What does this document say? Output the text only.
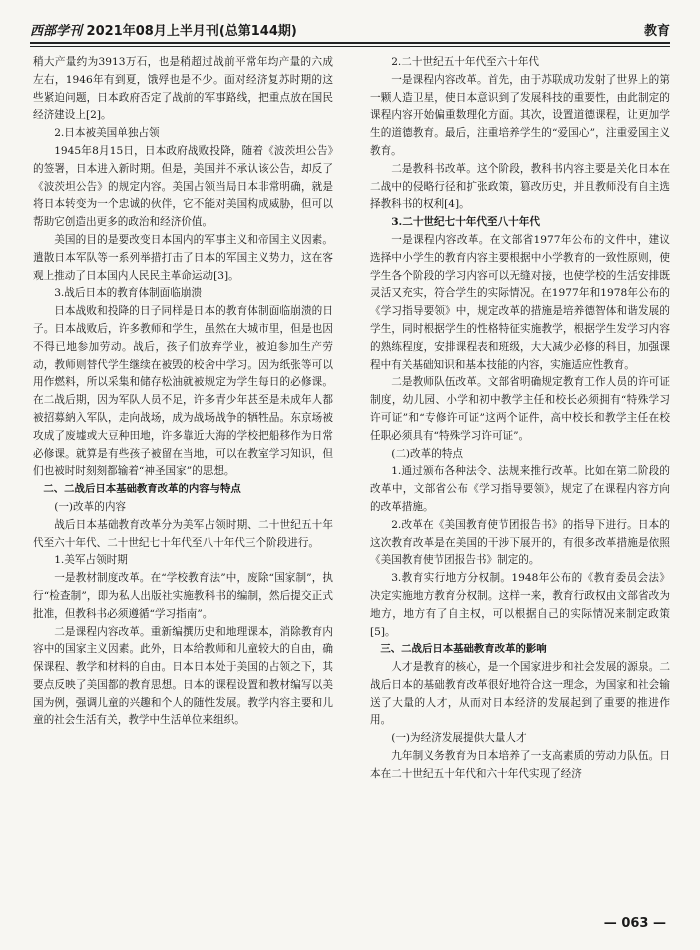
西部学刊 2021年08月上半月刊(总第144期)	教育

稍大产量约为3913万石，也是稍超过战前平常年均产量的六成左右，1946年有到夏，饿殍也是不少。面对经济复苏时期的这些紧迫问题，日本政府否定了战前的军事路线，把重点放在国民经济建设上[2]。

2.日本被美国单独占领

1945年8月15日，日本政府战败投降，随着《波茨坦公告》的签署，日本进入新时期。但是，美国并不承认该公告，却反了《波茨坦公告》的规定内容。美国占领当局日本非常明确，就是将日本转变为一个忠诚的伙伴，它不能对美国构成威胁，但可以帮助它创造出更多的政治和经济价值。

美国的目的是要改变日本国内的军事主义和帝国主义因素。遣散日本军队等一系列举措打击了日本的军国主义势力，这在客观上推动了日本国内人民民主革命运动[3]。

3.战后日本的教育体制面临崩溃

日本战败和投降的日子同样是日本的教育体制面临崩溃的日子。日本战败后，许多教师和学生，虽然在大城市里，但是也因不得已地参加劳动。战后，孩子们放弃学业，被迫参加生产劳动，教师则替代学生继续在被毁的校舍中学习。因为纸张等可以用作燃料，所以采集和储存松油就被规定为学生每日的必修课。在二战后期，因为军队人员不足，许多青少年甚至是未成年人都被招募納入军队，走向战场，成为战场战争的牺牲品。东京场被攻成了废墟或大豆种田地，许多靠近大海的学校把船移作为日常必修课。就算是有些孩子被留在当地，可以在教室学习知识，但们也被时时刻刻都输着“神圣国家”的思想。

二、二战后日本基础教育改革的内容与特点

(一)改革的内容

战后日本基础教育改革分为美军占领时期、二十世纪五十年代至六十年代、二十世纪七十年代至八十年代三个阶段进行。

1.美军占领时期

一是教材制度改革。在“学校教育法”中，废除“国家制”，执行“检查制”，即为私人出版社实施教科书的编制，然后提交正式批准，但教科书必须遵循“学习指南”。

二是课程内容改革。重新编撰历史和地理课本，消除教育内容中的国家主义因素。此外，日本给教师和儿童较大的自由，确保课程、教学和材料的自由。日本日本处于美国的占领之下，其要点反映了美国都的教育思想。日本的课程设置和教材编写以美国为例，强调儿童的兴趣和个人的随性发展。教学内容主要和儿童的社会生活有关，教学中生活单位来组织。

2.二十世纪五十年代至六十年代

一是课程内容改革。首先，由于苏联成功发射了世界上的第一颗人造卫星，使日本意识到了发展科技的重要性，由此制定的课程内容开始偏重数理化方面。其次，设置道德课程，让更加学生的道德教育。最后，注重培养学生的“爱国心”，注重爱国主义教育。

二是教科书改革。这个阶段，教科书内容主要是关化日本在二战中的侵略行径和扩张政策，篡改历史，并且教师没有自主选择教科书的权利[4]。

3.二十世纪七十年代至八十年代

一是课程内容改革。在文部省1977年公布的文件中，建议选择中小学生的教育内容主要根据中小学教育的一致性原则，使学生各个阶段的学习内容可以无缝对接，也使学校的生活安排既灵活又充实，符合学生的实际情况。在1977年和1978年公布的《学习指导要领》中，规定改革的措施是培养德智体和谐发展的学生，同时根据学生的性格特征实施教学，根据学生发学习内容的熟练程度，安排课程表和班级，大大减少必修的科目，加强课程中有关基础知识和基本技能的内容，实施适应性教育。

二是教师队伍改革。文部省明确规定教育工作人员的许可证制度，幼儿园、小学和初中教学主任和校长必须拥有“特殊学习许可证”和“专修许可证”这两个证件，高中校长和教学主任在校任职必须具有“特殊学习许可证”。

(二)改革的特点

1.通过颁布各种法令、法规来推行改革。比如在第二阶段的改革中，文部省公布《学习指导要领》，规定了在课程内容方向的改革措施。

2.改革在《美国教育使节团报告书》的指导下进行。日本的这次教育改革是在美国的干涉下展开的，有很多改革措施是依照《美国教育使节团报告书》制定的。

3.教育实行地方分权制。1948年公布的《教育委员会法》决定实施地方教育分权制。这样一来，教育行政权由文部省改为地方，地方有了自主权，可以根据自己的实际情况来制定政策[5]。

三、二战后日本基础教育改革的影响

人才是教育的核心，是一个国家进步和社会发展的源泉。二战后日本的基础教育改革很好地符合这一理念，为国家和社会输送了大量的人才，从而对日本经济的发展起到了重要的推进作用。

(一)为经济发展提供大量人才

九年制义务教育为日本培养了一支高素质的劳动力队伍。日本在二十世纪五十年代和六十年代实现了经济

— 063 —
